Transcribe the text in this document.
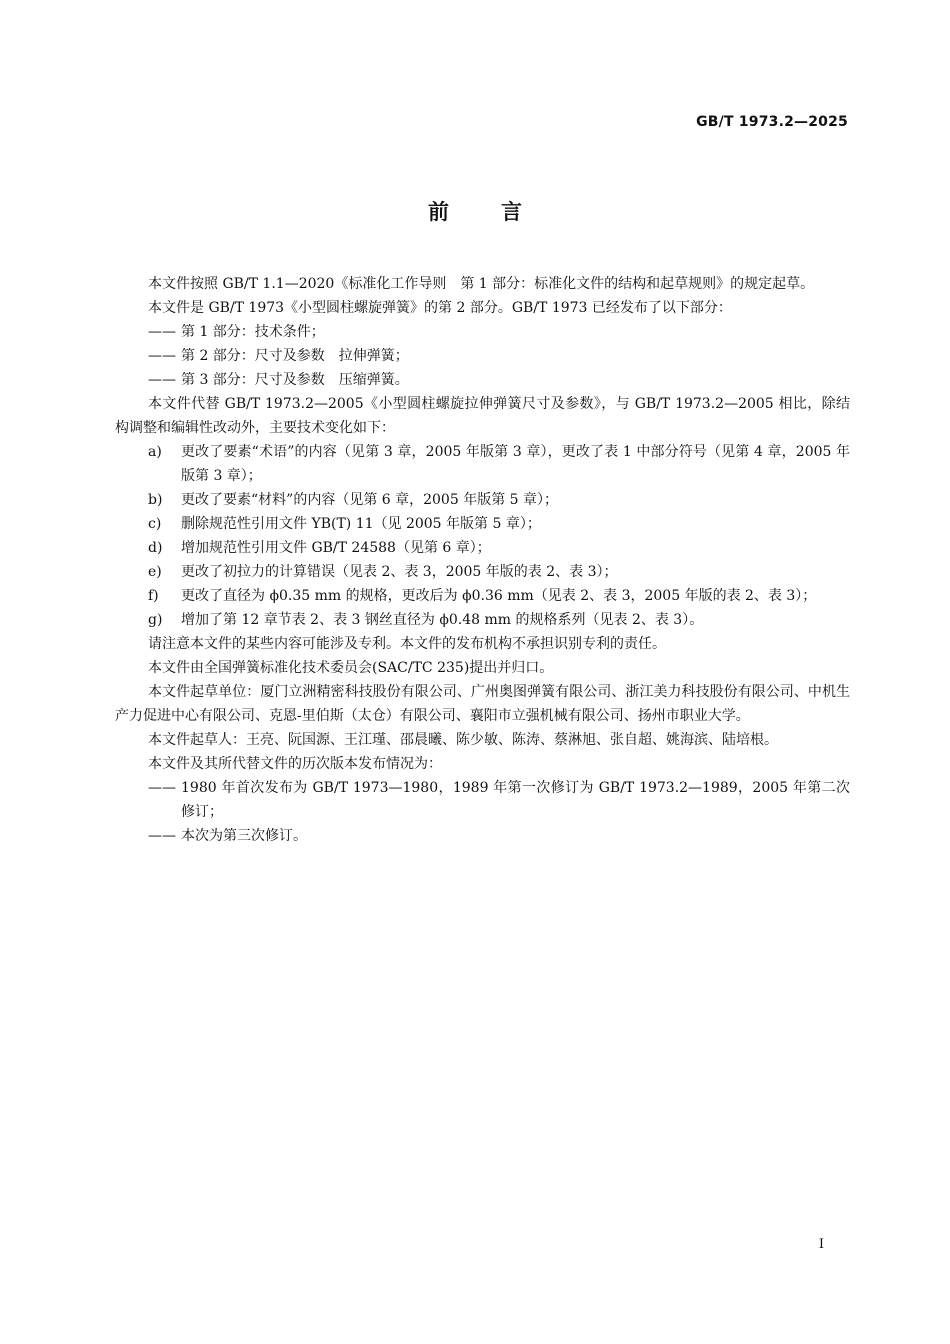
GB/T 1973.2—2025
前 言

本文件按照 GB/T 1.1—2020《标准化工作导则　第 1 部分：标准化文件的结构和起草规则》的规定起草。

本文件是 GB/T 1973《小型圆柱螺旋弹簧》的第 2 部分。GB/T 1973 已经发布了以下部分：

—— 第 1 部分：技术条件；
—— 第 2 部分：尺寸及参数　拉伸弹簧；
—— 第 3 部分：尺寸及参数　压缩弹簧。

本文件代替 GB/T 1973.2—2005《小型圆柱螺旋拉伸弹簧尺寸及参数》，与 GB/T 1973.2—2005 相比，除结构调整和编辑性改动外，主要技术变化如下：

a) 更改了要素“术语”的内容（见第 3 章，2005 年版第 3 章），更改了表 1 中部分符号（见第 4 章，2005 年版第 3 章）；
b) 更改了要素“材料”的内容（见第 6 章，2005 年版第 5 章）；
c) 删除规范性引用文件 YB(T) 11（见 2005 年版第 5 章）；
d) 增加规范性引用文件 GB/T 24588（见第 6 章）；
e) 更改了初拉力的计算错误（见表 2、表 3，2005 年版的表 2、表 3）；
f) 更改了直径为 ϕ0.35 mm 的规格，更改后为 ϕ0.36 mm（见表 2、表 3，2005 年版的表 2、表 3）；
g) 增加了第 12 章节表 2、表 3 钢丝直径为 ϕ0.48 mm 的规格系列（见表 2、表 3）。

请注意本文件的某些内容可能涉及专利。本文件的发布机构不承担识别专利的责任。

本文件由全国弹簧标准化技术委员会(SAC/TC 235)提出并归口。

本文件起草单位：厦门立洲精密科技股份有限公司、广州奥图弹簧有限公司、浙江美力科技股份有限公司、中机生产力促进中心有限公司、克恩-里伯斯（太仓）有限公司、襄阳市立强机械有限公司、扬州市职业大学。

本文件起草人：王亮、阮国源、王江瑾、邵晨曦、陈少敏、陈涛、蔡淋旭、张自超、姚海滨、陆培根。

本文件及其所代替文件的历次版本发布情况为：

—— 1980 年首次发布为 GB/T 1973—1980，1989 年第一次修订为 GB/T 1973.2—1989，2005 年第二次修订；
—— 本次为第三次修订。
I
